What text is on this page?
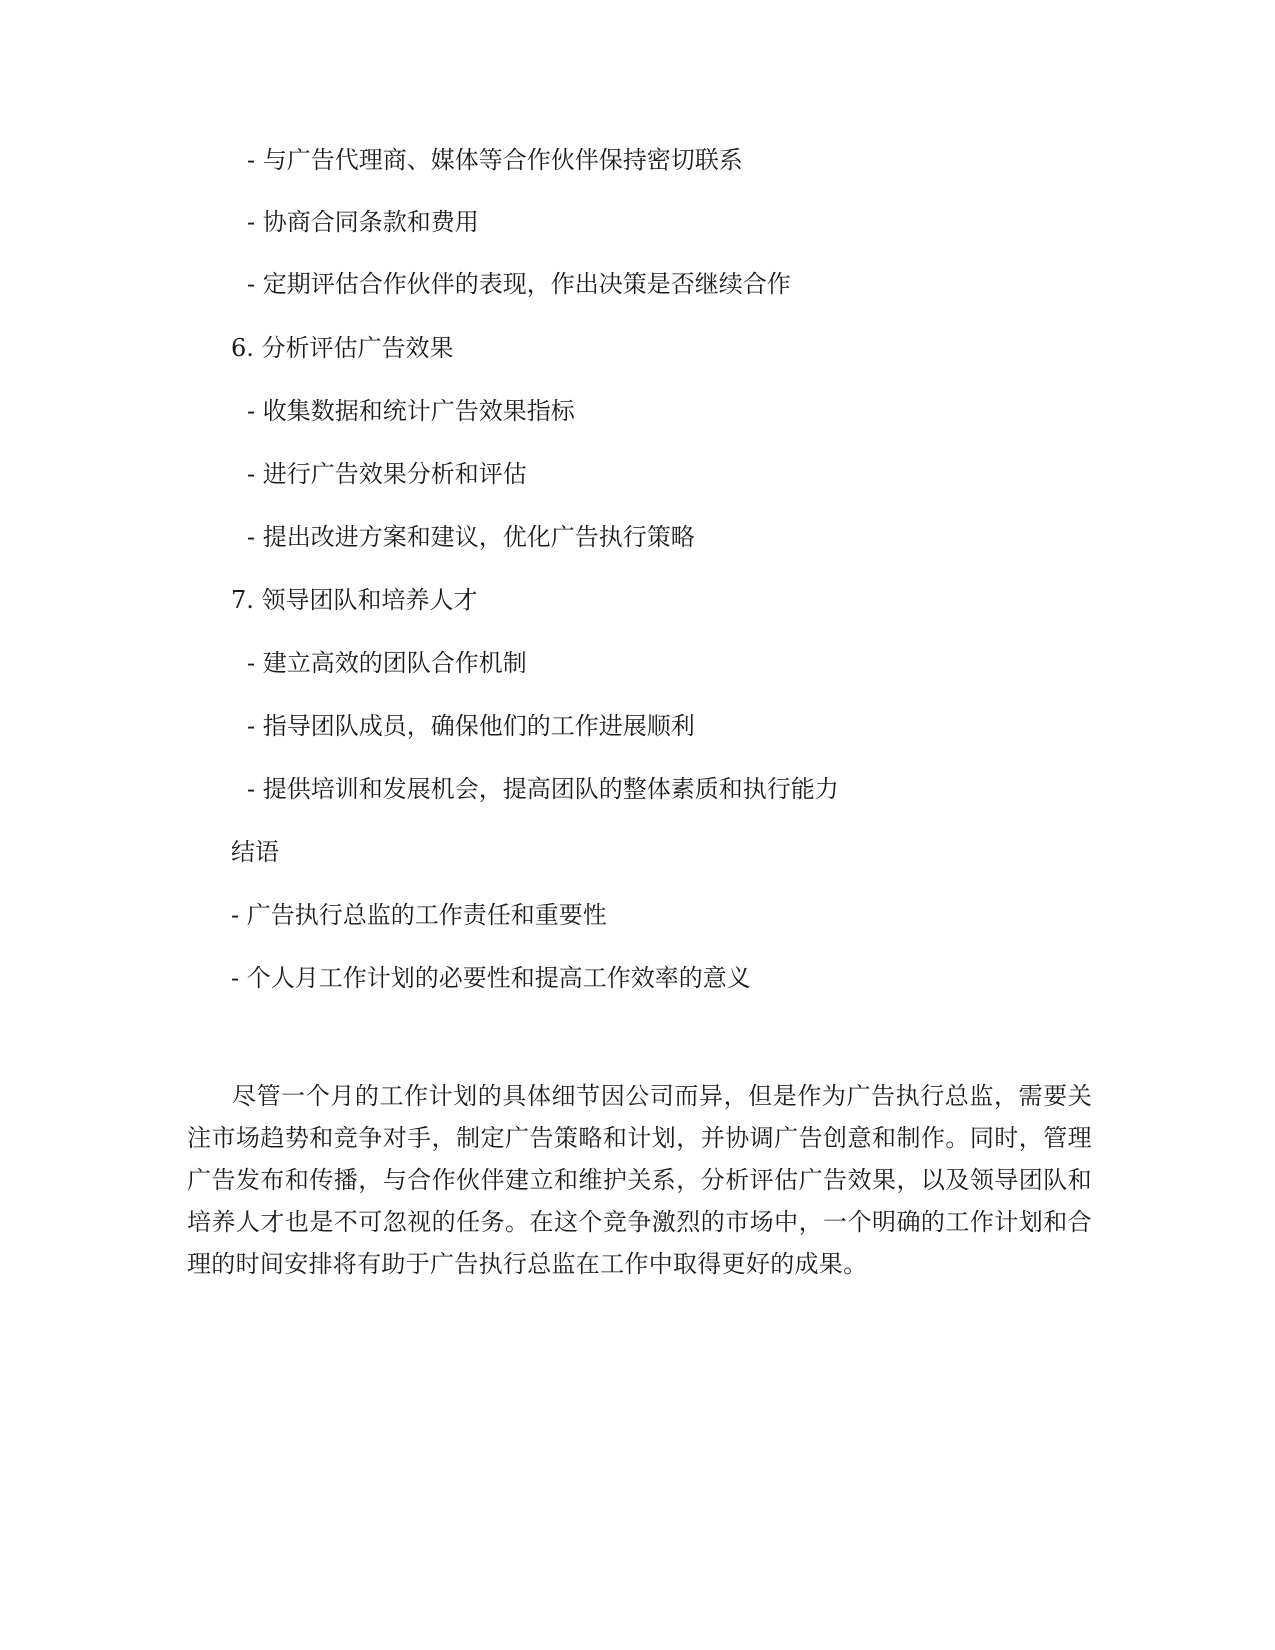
- 与广告代理商、媒体等合作伙伴保持密切联系
- 协商合同条款和费用
- 定期评估合作伙伴的表现，作出决策是否继续合作
6. 分析评估广告效果
- 收集数据和统计广告效果指标
- 进行广告效果分析和评估
- 提出改进方案和建议，优化广告执行策略
7. 领导团队和培养人才
- 建立高效的团队合作机制
- 指导团队成员，确保他们的工作进展顺利
- 提供培训和发展机会，提高团队的整体素质和执行能力
结语
- 广告执行总监的工作责任和重要性
- 个人月工作计划的必要性和提高工作效率的意义
尽管一个月的工作计划的具体细节因公司而异，但是作为广告执行总监，需要关注市场趋势和竞争对手，制定广告策略和计划，并协调广告创意和制作。同时，管理广告发布和传播，与合作伙伴建立和维护关系，分析评估广告效果，以及领导团队和培养人才也是不可忽视的任务。在这个竞争激烈的市场中，一个明确的工作计划和合理的时间安排将有助于广告执行总监在工作中取得更好的成果。
